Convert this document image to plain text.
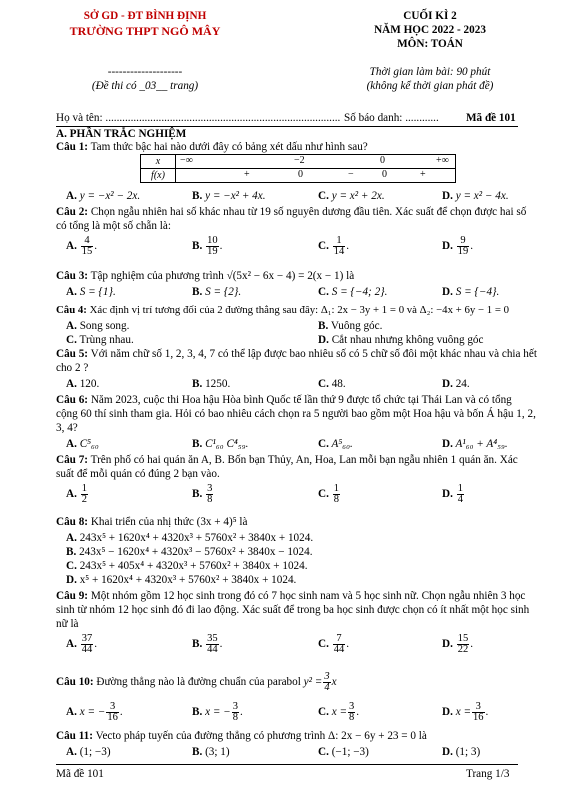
SỞ GD - ĐT BÌNH ĐỊNH
TRƯỜNG THPT NGÔ MÂY
--------------------
(Đề thi có _03__ trang)
CUỐI KÌ 2
NĂM HỌC 2022 - 2023
MÔN: TOÁN
Thời gian làm bài: 90 phút
(không kể thời gian phát đề)
Họ và tên: .................................................................................... Số báo danh: ............ Mã đề 101
A. PHẦN TRẮC NGHIỆM
Câu 1: Tam thức bậc hai nào dưới đây có bảng xét dấu như hình sau?
x	−∞ −2 0 +∞

f(x)	+ 0 − 0 +
A. y = −x² − 2x.	B. y = −x² + 4x.	C. y = x² + 2x.	D. y = x² − 4x.
Câu 2: Chọn ngẫu nhiên hai số khác nhau từ 19 số nguyên dương đầu tiên. Xác suất để chọn được hai số
có tổng là một số chẵn là:
A. $\frac{4}{15}$ .	B. $\frac{10}{19}$ .	C. $\frac{1}{14}$ .	D. $\frac{9}{19}$ .
Câu 3: Tập nghiệm của phương trình √(5x² − 6x − 4) = 2(x − 1) là
A. S = {1}.	B. S = {2}.	C. S = {−4; 2}.	D. S = {−4}.
Câu 4: Xác định vị trí tương đối của 2 đường thẳng sau đây: Δ₁: 2x − 3y + 1 = 0 và Δ₂: −4x + 6y − 1 = 0
A. Song song.	B. Vuông góc.
C. Trùng nhau.	D. Cắt nhau nhưng không vuông góc
Câu 5: Với năm chữ số 1, 2, 3, 4, 7 có thể lập được bao nhiêu số có 5 chữ số đôi một khác nhau và chia hết
cho 2 ?
A. 120.	B. 1250.	C. 48.	D. 24.
Câu 6: Năm 2023, cuộc thi Hoa hậu Hòa bình Quốc tế lần thứ 9 được tổ chức tại Thái Lan và có tổng
cộng 60 thí sinh tham gia. Hỏi có bao nhiêu cách chọn ra 5 người bao gồm một Hoa hậu và bốn Á hậu 1, 2,
3, 4?
A. C⁵₆₀	B. C¹₆₀ C⁴₅₉.	C. A⁵₆₀.	D. A¹₆₀ + A⁴₅₉.
Câu 7: Trên phố có hai quán ăn A, B. Bốn bạn Thủy, An, Hoa, Lan mỗi bạn ngẫu nhiên 1 quán ăn. Xác
suất để mỗi quán có đúng 2 bạn vào.
A. $\frac{1}{2}$	B. $\frac{3}{8}$	C. $\frac{1}{8}$	D. $\frac{1}{4}$
Câu 8: Khai triển của nhị thức (3x + 4)⁵ là
A. 243x⁵ + 1620x⁴ + 4320x³ + 5760x² + 3840x + 1024.
B. 243x⁵ − 1620x⁴ + 4320x³ − 5760x² + 3840x − 1024.
C. 243x⁵ + 405x⁴ + 4320x³ + 5760x² + 3840x + 1024.
D. x⁵ + 1620x⁴ + 4320x³ + 5760x² + 3840x + 1024.
Câu 9: Một nhóm gồm 12 học sinh trong đó có 7 học sinh nam và 5 học sinh nữ. Chọn ngẫu nhiên 3 học
sinh từ nhóm 12 học sinh đó đi lao động. Xác suất để trong ba học sinh được chọn có ít nhất một học sinh
nữ là
A. $\frac{37}{44}$ .	B. $\frac{35}{44}$ .	C. $\frac{7}{44}$ .	D. $\frac{15}{22}$ .
Câu 10: Đường thẳng nào là đường chuẩn của parabol $y^2 = \frac{3}{4}$ x
A. x = − $\frac{3}{16}$ .	B. x = − $\frac{3}{8}$ .	C. $x = \frac{3}{8}$ .	D. $x = \frac{3}{16}$ .
Câu 11: Vecto pháp tuyến của đường thẳng có phương trình Δ: 2x − 6y + 23 = 0 là
A. (1; −3)	B. (3; 1)	C. (−1; −3)	D. (1; 3)
Mã đề 101	Trang 1/3
